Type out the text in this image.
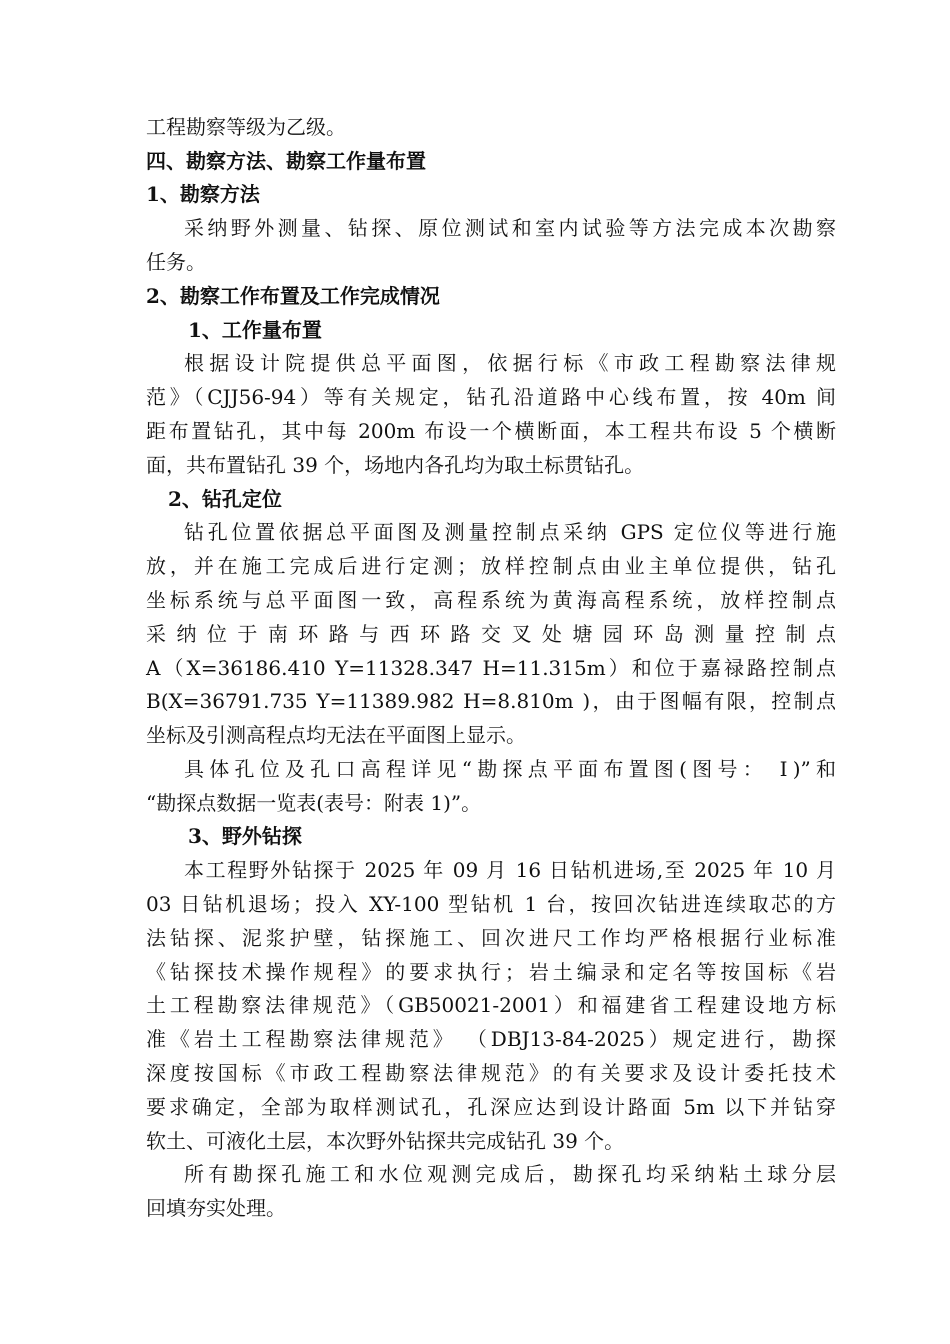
工程勘察等级为乙级。
四、勘察方法、勘察工作量布置
1、勘察方法
采纳野外测量、钻探、原位测试和室内试验等方法完成本次勘察
任务。
2、勘察工作布置及工作完成情况
1、工作量布置
根据设计院提供总平面图，依据行标《市政工程勘察法律规
范》（CJJ56-94）等有关规定，钻孔沿道路中心线布置，按 40m 间
距布置钻孔，其中每 200m 布设一个横断面，本工程共布设 5 个横断
面，共布置钻孔 39 个，场地内各孔均为取土标贯钻孔。
2、钻孔定位
钻孔位置依据总平面图及测量控制点采纳 GPS 定位仪等进行施
放，并在施工完成后进行定测；放样控制点由业主单位提供，钻孔
坐标系统与总平面图一致，高程系统为黄海高程系统，放样控制点
采纳位于南环路与西环路交叉处塘园环岛测量控制点
A（X=36186.410 Y=11328.347 H=11.315m）和位于嘉禄路控制点
B(X=36791.735 Y=11389.982 H=8.810m )，由于图幅有限，控制点
坐标及引测高程点均无法在平面图上显示。
具体孔位及孔口高程详见“勘探点平面布置图(图号： Ⅰ)”和
“勘探点数据一览表(表号：附表 1)”。
3、野外钻探
本工程野外钻探于 2025 年 09 月 16 日钻机进场,至 2025 年 10 月
03 日钻机退场；投入 XY-100 型钻机 1 台，按回次钻进连续取芯的方
法钻探、泥浆护壁，钻探施工、回次进尺工作均严格根据行业标准
《钻探技术操作规程》的要求执行；岩土编录和定名等按国标《岩
土工程勘察法律规范》（GB50021-2001）和福建省工程建设地方标
准《岩土工程勘察法律规范》 （DBJ13-84-2025）规定进行，勘探
深度按国标《市政工程勘察法律规范》的有关要求及设计委托技术
要求确定，全部为取样测试孔，孔深应达到设计路面 5m 以下并钻穿
软土、可液化土层，本次野外钻探共完成钻孔 39 个。
所有勘探孔施工和水位观测完成后，勘探孔均采纳粘土球分层
回填夯实处理。
